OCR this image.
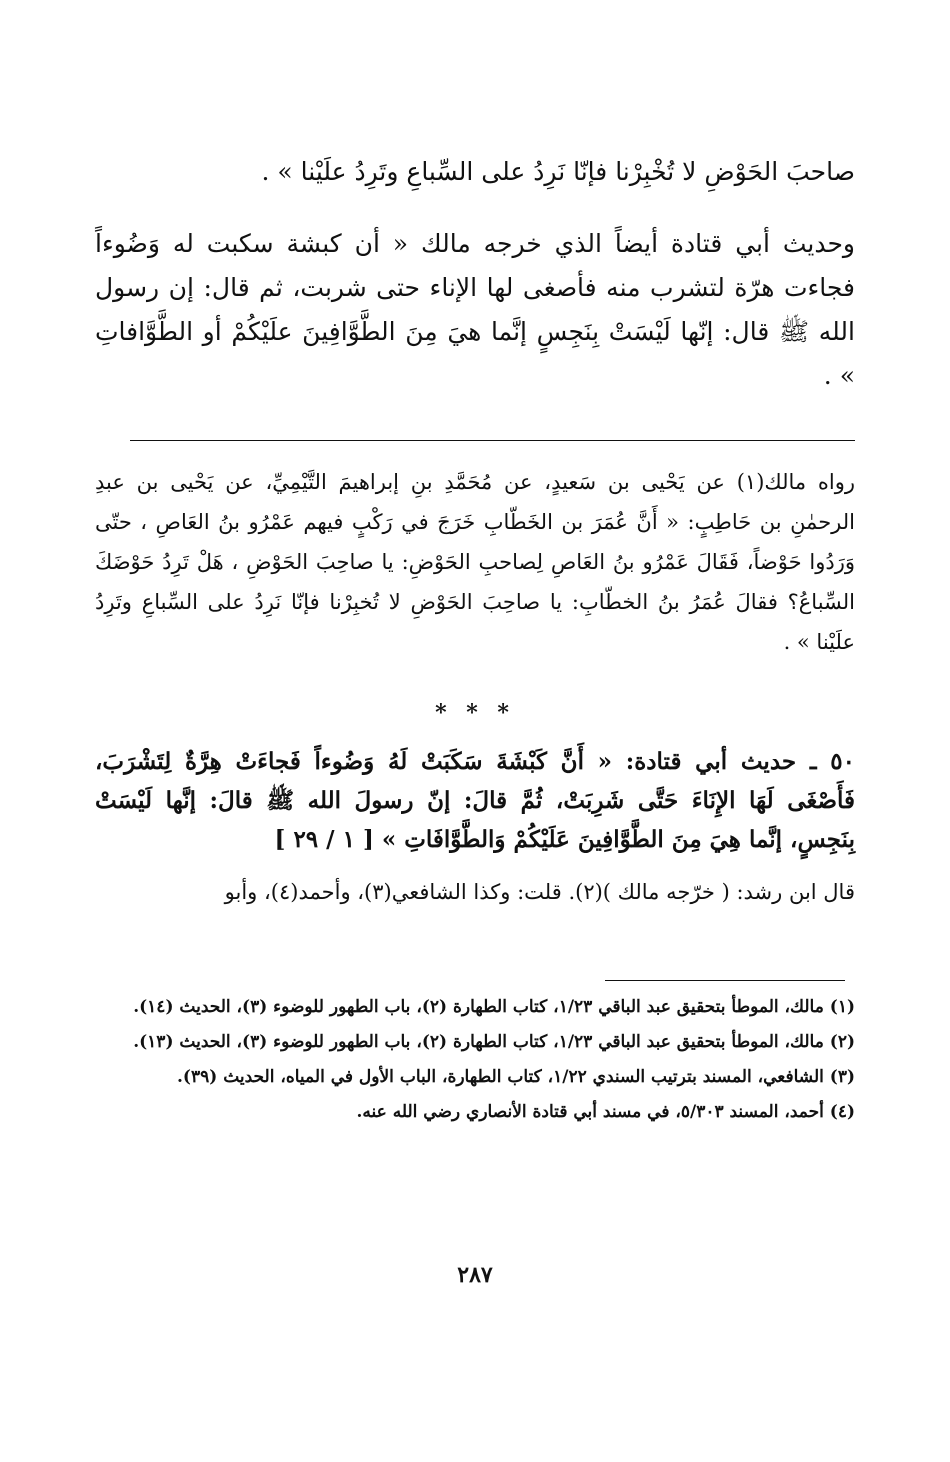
صاحبَ الحَوْضِ لا تُخْبِرْنا فإنّا نَرِدُ على السِّباعِ وتَرِدُ علَيْنا » .
وحديث أبي قتادة أيضاً الذي خرجه مالك « أن كبشة سكبت له وَضُوءاً فجاءت هرّة لتشرب منه فأصغى لها الإناء حتى شربت، ثم قال: إن رسول الله ﷺ قال: إنّها لَيْسَتْ بِنَجِسٍ إنَّما هيَ مِنَ الطَّوَّافِينَ علَيْكُمْ أو الطَّوَّافاتِ » .
رواه مالك(١) عن يَحْيى بن سَعيدٍ، عن مُحَمَّدِ بنِ إبراهيمَ التَّيْمِيِّ، عن يَحْيى بن عبدِ الرحمٰنِ بن حَاطِبٍ: « أَنَّ عُمَرَ بن الخَطّابِ خَرَجَ في رَكْبٍ فيهم عَمْرُو بنُ العَاصِ ، حتّى وَرَدُوا حَوْضاً، فَقَالَ عَمْرُو بنُ العَاصِ لِصاحبِ الحَوْضِ: يا صاحِبَ الحَوْضِ ، هَلْ تَرِدُ حَوْضَكَ السِّباعُ؟ فقالَ عُمَرُ بنُ الخطّابِ: يا صاحِبَ الحَوْضِ لا تُخبِرْنا فإنّا نَرِدُ على السِّباعِ وتَرِدُ علَيْنا » .
* * *
٥٠ ـ حديث أبي قتادة: « أَنَّ كَبْشَةَ سَكَبَتْ لَهُ وَضُوءاً فَجاءَتْ هِرَّةٌ لِتَشْرَبَ، فَأَصْغَى لَهَا الإِنَاءَ حَتَّى شَرِبَتْ، ثُمَّ قالَ: إنّ رسولَ الله ﷺ قالَ: إنَّها لَيْسَتْ بِنَجِسٍ، إنَّما هِيَ مِنَ الطَّوَّافِينَ عَلَيْكُمْ وَالطَّوَّافَاتِ » [ ١ / ٢٩ ]
قال ابن رشد: ( خرّجه مالك )(٢). قلت: وكذا الشافعي(٣)، وأحمد(٤)، وأبو
(١) مالك، الموطأ بتحقيق عبد الباقي ١/٢٣، كتاب الطهارة (٢)، باب الطهور للوضوء (٣)، الحديث (١٤).
(٢) مالك، الموطأ بتحقيق عبد الباقي ١/٢٣، كتاب الطهارة (٢)، باب الطهور للوضوء (٣)، الحديث (١٣).
(٣) الشافعي، المسند بترتيب السندي ١/٢٢، كتاب الطهارة، الباب الأول في المياه، الحديث (٣٩).
(٤) أحمد، المسند ٥/٣٠٣، في مسند أبي قتادة الأنصاري رضي الله عنه.
٢٨٧
